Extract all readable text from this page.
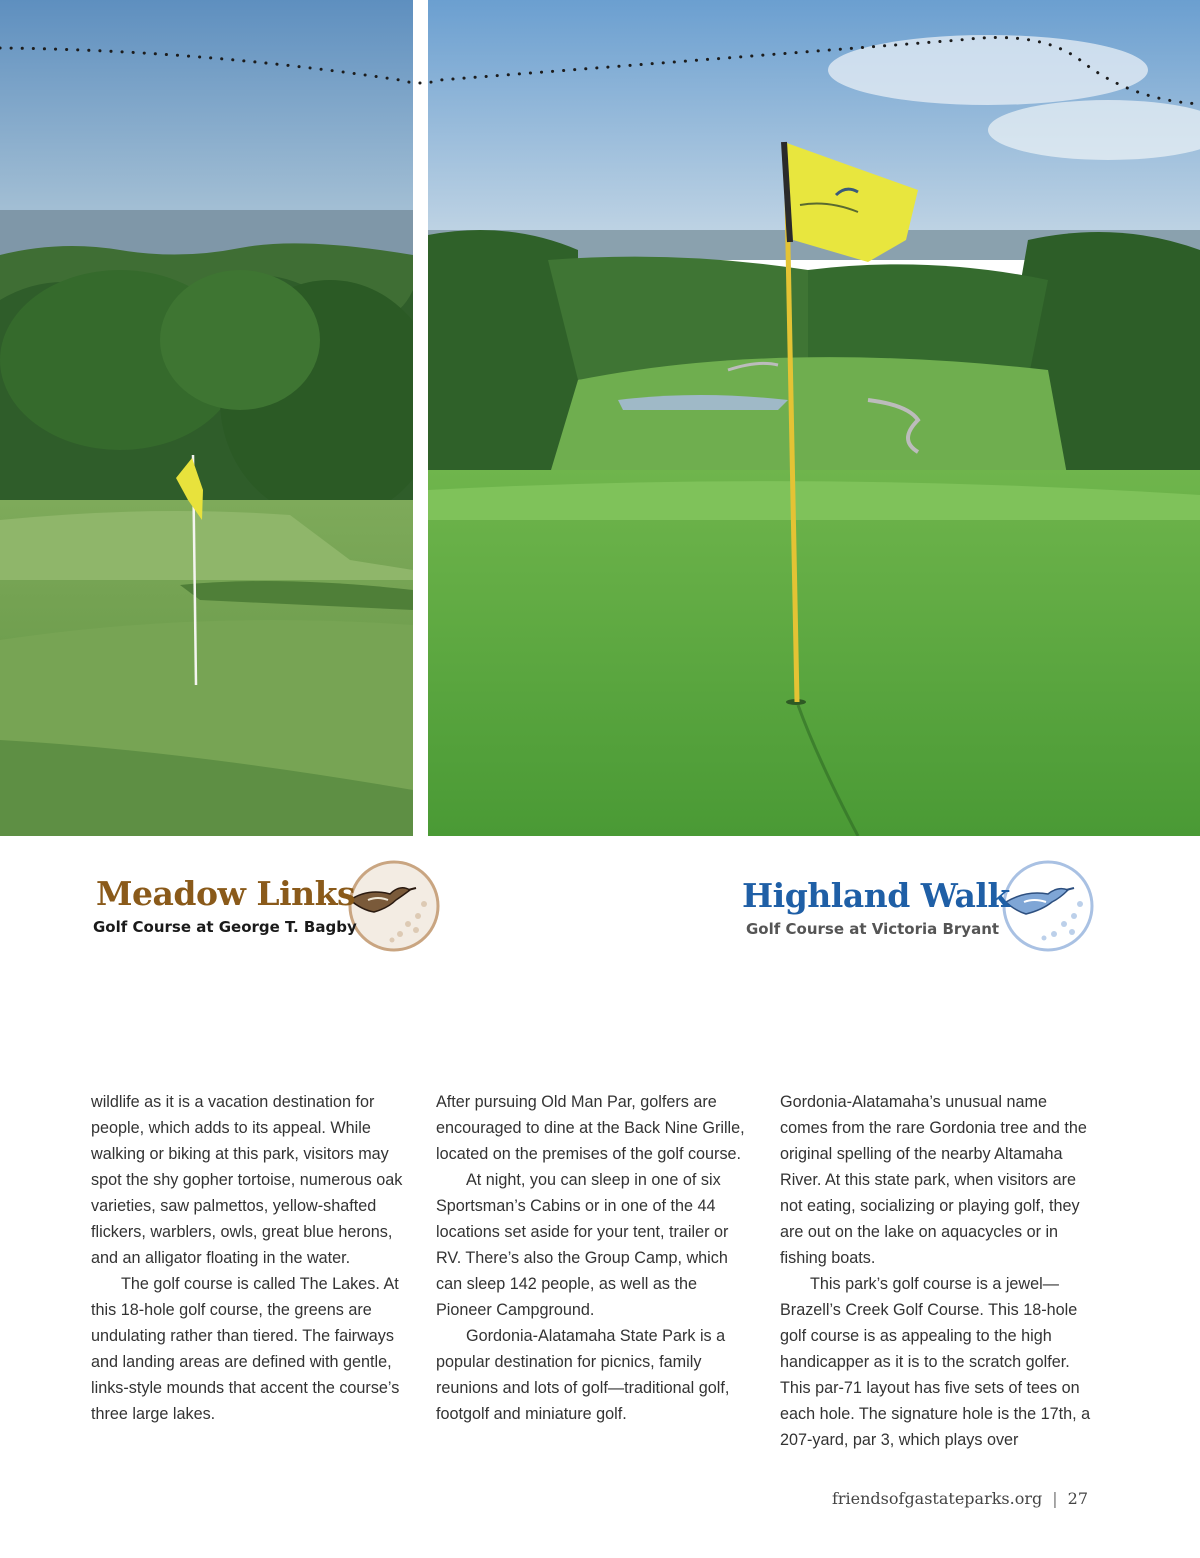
Meadow Links
Golf Course at George T. Bagby
Highland Walk
Golf Course at Victoria Bryant

wildlife as it is a vacation destination for people, which adds to its appeal. While walking or biking at this park, visitors may spot the shy gopher tortoise, numerous oak varieties, saw palmettos, yellow-shafted flickers, warblers, owls, great blue herons, and an alligator floating in the water.

The golf course is called The Lakes. At this 18-hole golf course, the greens are undulating rather than tiered. The fairways and landing areas are defined with gentle, links-style mounds that accent the course’s three large lakes.

After pursuing Old Man Par, golfers are encouraged to dine at the Back Nine Grille, located on the premises of the golf course.

At night, you can sleep in one of six Sportsman’s Cabins or in one of the 44 locations set aside for your tent, trailer or RV. There’s also the Group Camp, which can sleep 142 people, as well as the Pioneer Campground.

Gordonia-Alatamaha State Park is a popular destination for picnics, family reunions and lots of golf—traditional golf, footgolf and miniature golf.

Gordonia-Alatamaha’s unusual name comes from the rare Gordonia tree and the original spelling of the nearby Altamaha River. At this state park, when visitors are not eating, socializing or playing golf, they are out on the lake on aquacycles or in fishing boats.

This park’s golf course is a jewel—Brazell’s Creek Golf Course. This 18-hole golf course is as appealing to the high handicapper as it is to the scratch golfer. This par-71 layout has five sets of tees on each hole. The signature hole is the 17th, a 207-yard, par 3, which plays over

friendsofgastateparks.org | 27
